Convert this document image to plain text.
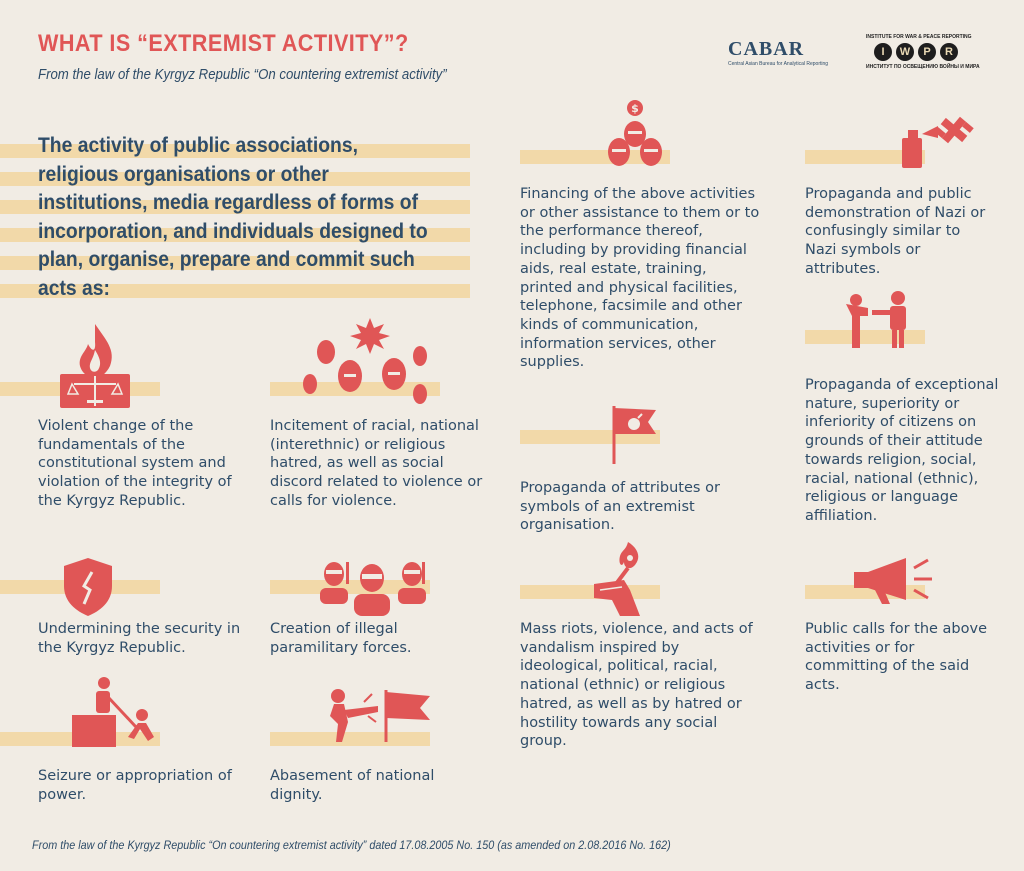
WHAT IS “EXTREMIST ACTIVITY”?
From the law of the Kyrgyz Republic “On countering extremist activity”
CABAR
Central Asian Bureau for Analytical Reporting
INSTITUTE FOR WAR & PEACE REPORTING
I	W	P	R
ИНСТИТУТ ПО ОСВЕЩЕНИЮ ВОЙНЫ И МИРА
The activity of public associations, religious organisations or other institutions, media regardless of forms of incorporation, and individuals designed to plan, organise, prepare and commit such acts as:
$
Violent change of the fundamentals of the constitutional system and violation of the integrity of the Kyrgyz Republic.
Incitement of racial, national (interethnic) or religious hatred, as well as social discord related to violence or calls for violence.
Undermining the security in the Kyrgyz Republic.
Creation of illegal paramilitary forces.
Seizure or appropriation of power.
Abasement of national dignity.
Financing of the above activities or other assistance to them or to the performance thereof, including by providing financial aids, real estate, training, printed and physical facilities, telephone, facsimile and other kinds of communication, information services, other supplies.
Propaganda of attributes or symbols of an extremist organisation.
Mass riots, violence, and acts of vandalism inspired by ideological, political, racial, national (ethnic) or religious hatred, as well as by hatred or hostility towards any social group.
Propaganda and public demonstration of Nazi or confusingly similar to Nazi symbols or attributes.
Propaganda of exceptional nature, superiority or inferiority of citizens on grounds of their attitude towards religion, social, racial, national (ethnic), religious or language affiliation.
Public calls for the above activities or for committing of the said acts.
From the law of the Kyrgyz Republic “On countering extremist activity” dated 17.08.2005 No. 150 (as amended on 2.08.2016 No. 162)
